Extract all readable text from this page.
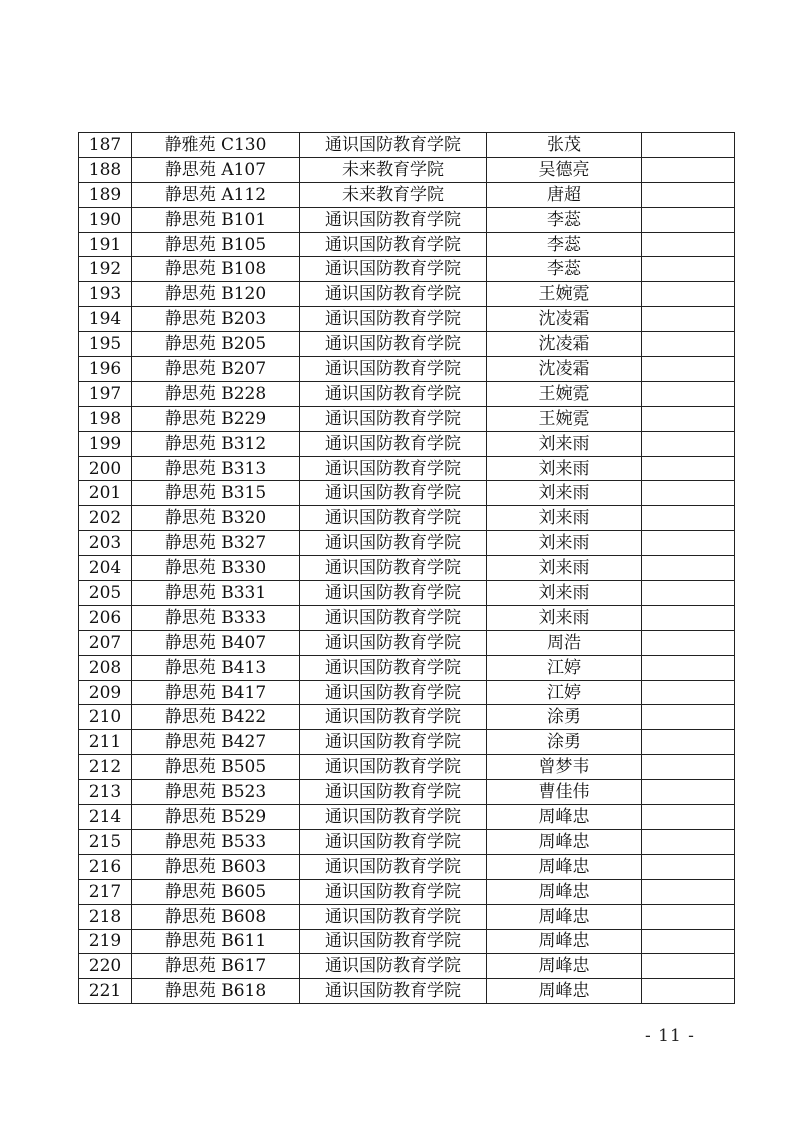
187	静雅苑 C130	通识国防教育学院	张茂	
188	静思苑 A107	未来教育学院	吴德亮	
189	静思苑 A112	未来教育学院	唐超	
190	静思苑 B101	通识国防教育学院	李蕊	
191	静思苑 B105	通识国防教育学院	李蕊	
192	静思苑 B108	通识国防教育学院	李蕊	
193	静思苑 B120	通识国防教育学院	王婉霓	
194	静思苑 B203	通识国防教育学院	沈凌霜	
195	静思苑 B205	通识国防教育学院	沈凌霜	
196	静思苑 B207	通识国防教育学院	沈凌霜	
197	静思苑 B228	通识国防教育学院	王婉霓	
198	静思苑 B229	通识国防教育学院	王婉霓	
199	静思苑 B312	通识国防教育学院	刘来雨	
200	静思苑 B313	通识国防教育学院	刘来雨	
201	静思苑 B315	通识国防教育学院	刘来雨	
202	静思苑 B320	通识国防教育学院	刘来雨	
203	静思苑 B327	通识国防教育学院	刘来雨	
204	静思苑 B330	通识国防教育学院	刘来雨	
205	静思苑 B331	通识国防教育学院	刘来雨	
206	静思苑 B333	通识国防教育学院	刘来雨	
207	静思苑 B407	通识国防教育学院	周浩	
208	静思苑 B413	通识国防教育学院	江婷	
209	静思苑 B417	通识国防教育学院	江婷	
210	静思苑 B422	通识国防教育学院	涂勇	
211	静思苑 B427	通识国防教育学院	涂勇	
212	静思苑 B505	通识国防教育学院	曾梦韦	
213	静思苑 B523	通识国防教育学院	曹佳伟	
214	静思苑 B529	通识国防教育学院	周峰忠	
215	静思苑 B533	通识国防教育学院	周峰忠	
216	静思苑 B603	通识国防教育学院	周峰忠	
217	静思苑 B605	通识国防教育学院	周峰忠	
218	静思苑 B608	通识国防教育学院	周峰忠	
219	静思苑 B611	通识国防教育学院	周峰忠	
220	静思苑 B617	通识国防教育学院	周峰忠	
221	静思苑 B618	通识国防教育学院	周峰忠	
- 11 -
